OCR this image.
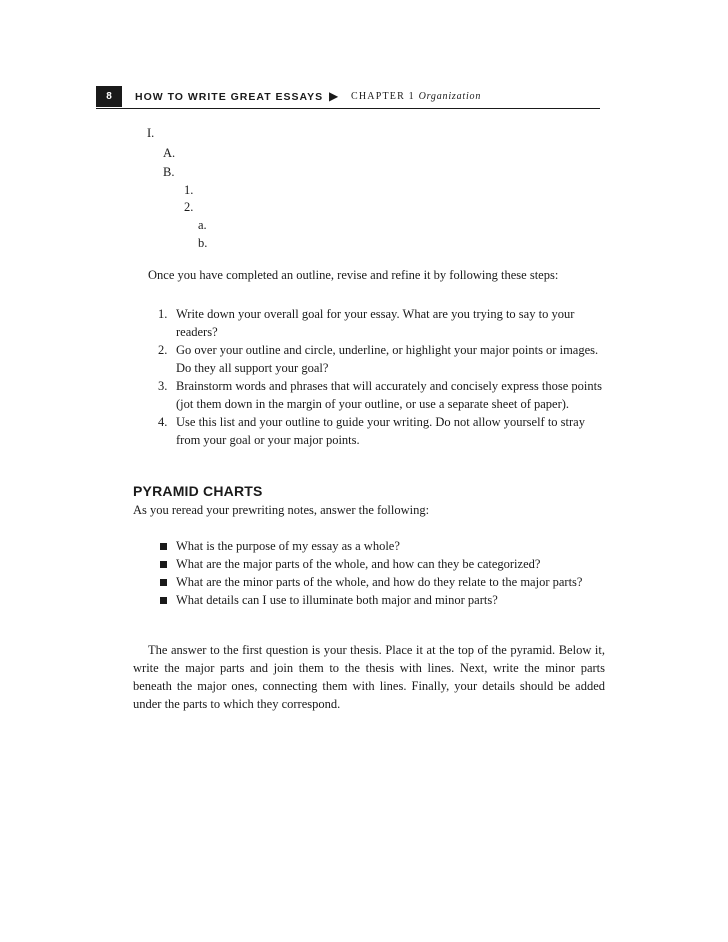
8	HOW TO WRITE GREAT ESSAYS ▶ CHAPTER 1 Organization
I.
A.
B.
1.
2.
a.
b.
Once you have completed an outline, revise and refine it by following these steps:
1. Write down your overall goal for your essay. What are you trying to say to your readers?
2. Go over your outline and circle, underline, or highlight your major points or images. Do they all support your goal?
3. Brainstorm words and phrases that will accurately and concisely express those points (jot them down in the margin of your outline, or use a separate sheet of paper).
4. Use this list and your outline to guide your writing. Do not allow yourself to stray from your goal or your major points.
PYRAMID CHARTS
As you reread your prewriting notes, answer the following:
What is the purpose of my essay as a whole?
What are the major parts of the whole, and how can they be categorized?
What are the minor parts of the whole, and how do they relate to the major parts?
What details can I use to illuminate both major and minor parts?
The answer to the first question is your thesis. Place it at the top of the pyramid. Below it, write the major parts and join them to the thesis with lines. Next, write the minor parts beneath the major ones, connecting them with lines. Finally, your details should be added under the parts to which they correspond.
